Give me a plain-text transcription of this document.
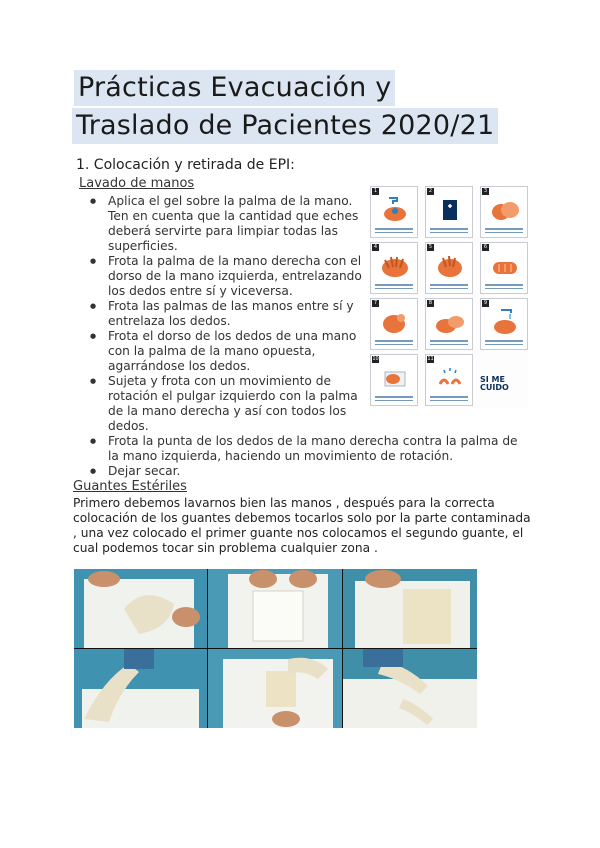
Prácticas Evacuación y
Traslado de Pacientes 2020/21
1. Colocación y retirada de EPI:
Lavado de manos
● Aplica el gel sobre la palma de la mano. Ten en cuenta que la cantidad que eches deberá servirte para limpiar todas las superficies.
● Frota la palma de la mano derecha con el dorso de la mano izquierda, entrelazando los dedos entre sí y viceversa.
● Frota las palmas de las manos entre sí y entrelaza los dedos.
● Frota el dorso de los dedos de una mano con la palma de la mano opuesta, agarrándose los dedos.
● Sujeta y frota con un movimiento de rotación el pulgar izquierdo con la palma de la mano derecha y así con todos los dedos.
● Frota la punta de los dedos de la mano derecha contra la palma de la mano izquierda, haciendo un movimiento de rotación.
● Dejar secar.
1	2	3
4	5	6
7	8	9
10	11
SI ME CUIDO
Guantes Estériles
Primero debemos lavarnos bien las manos , después para la correcta colocación de los guantes debemos tocarlos solo por la parte contaminada , una vez colocado el primer guante nos colocamos el segundo guante, el cual podemos tocar sin problema cualquier zona .
